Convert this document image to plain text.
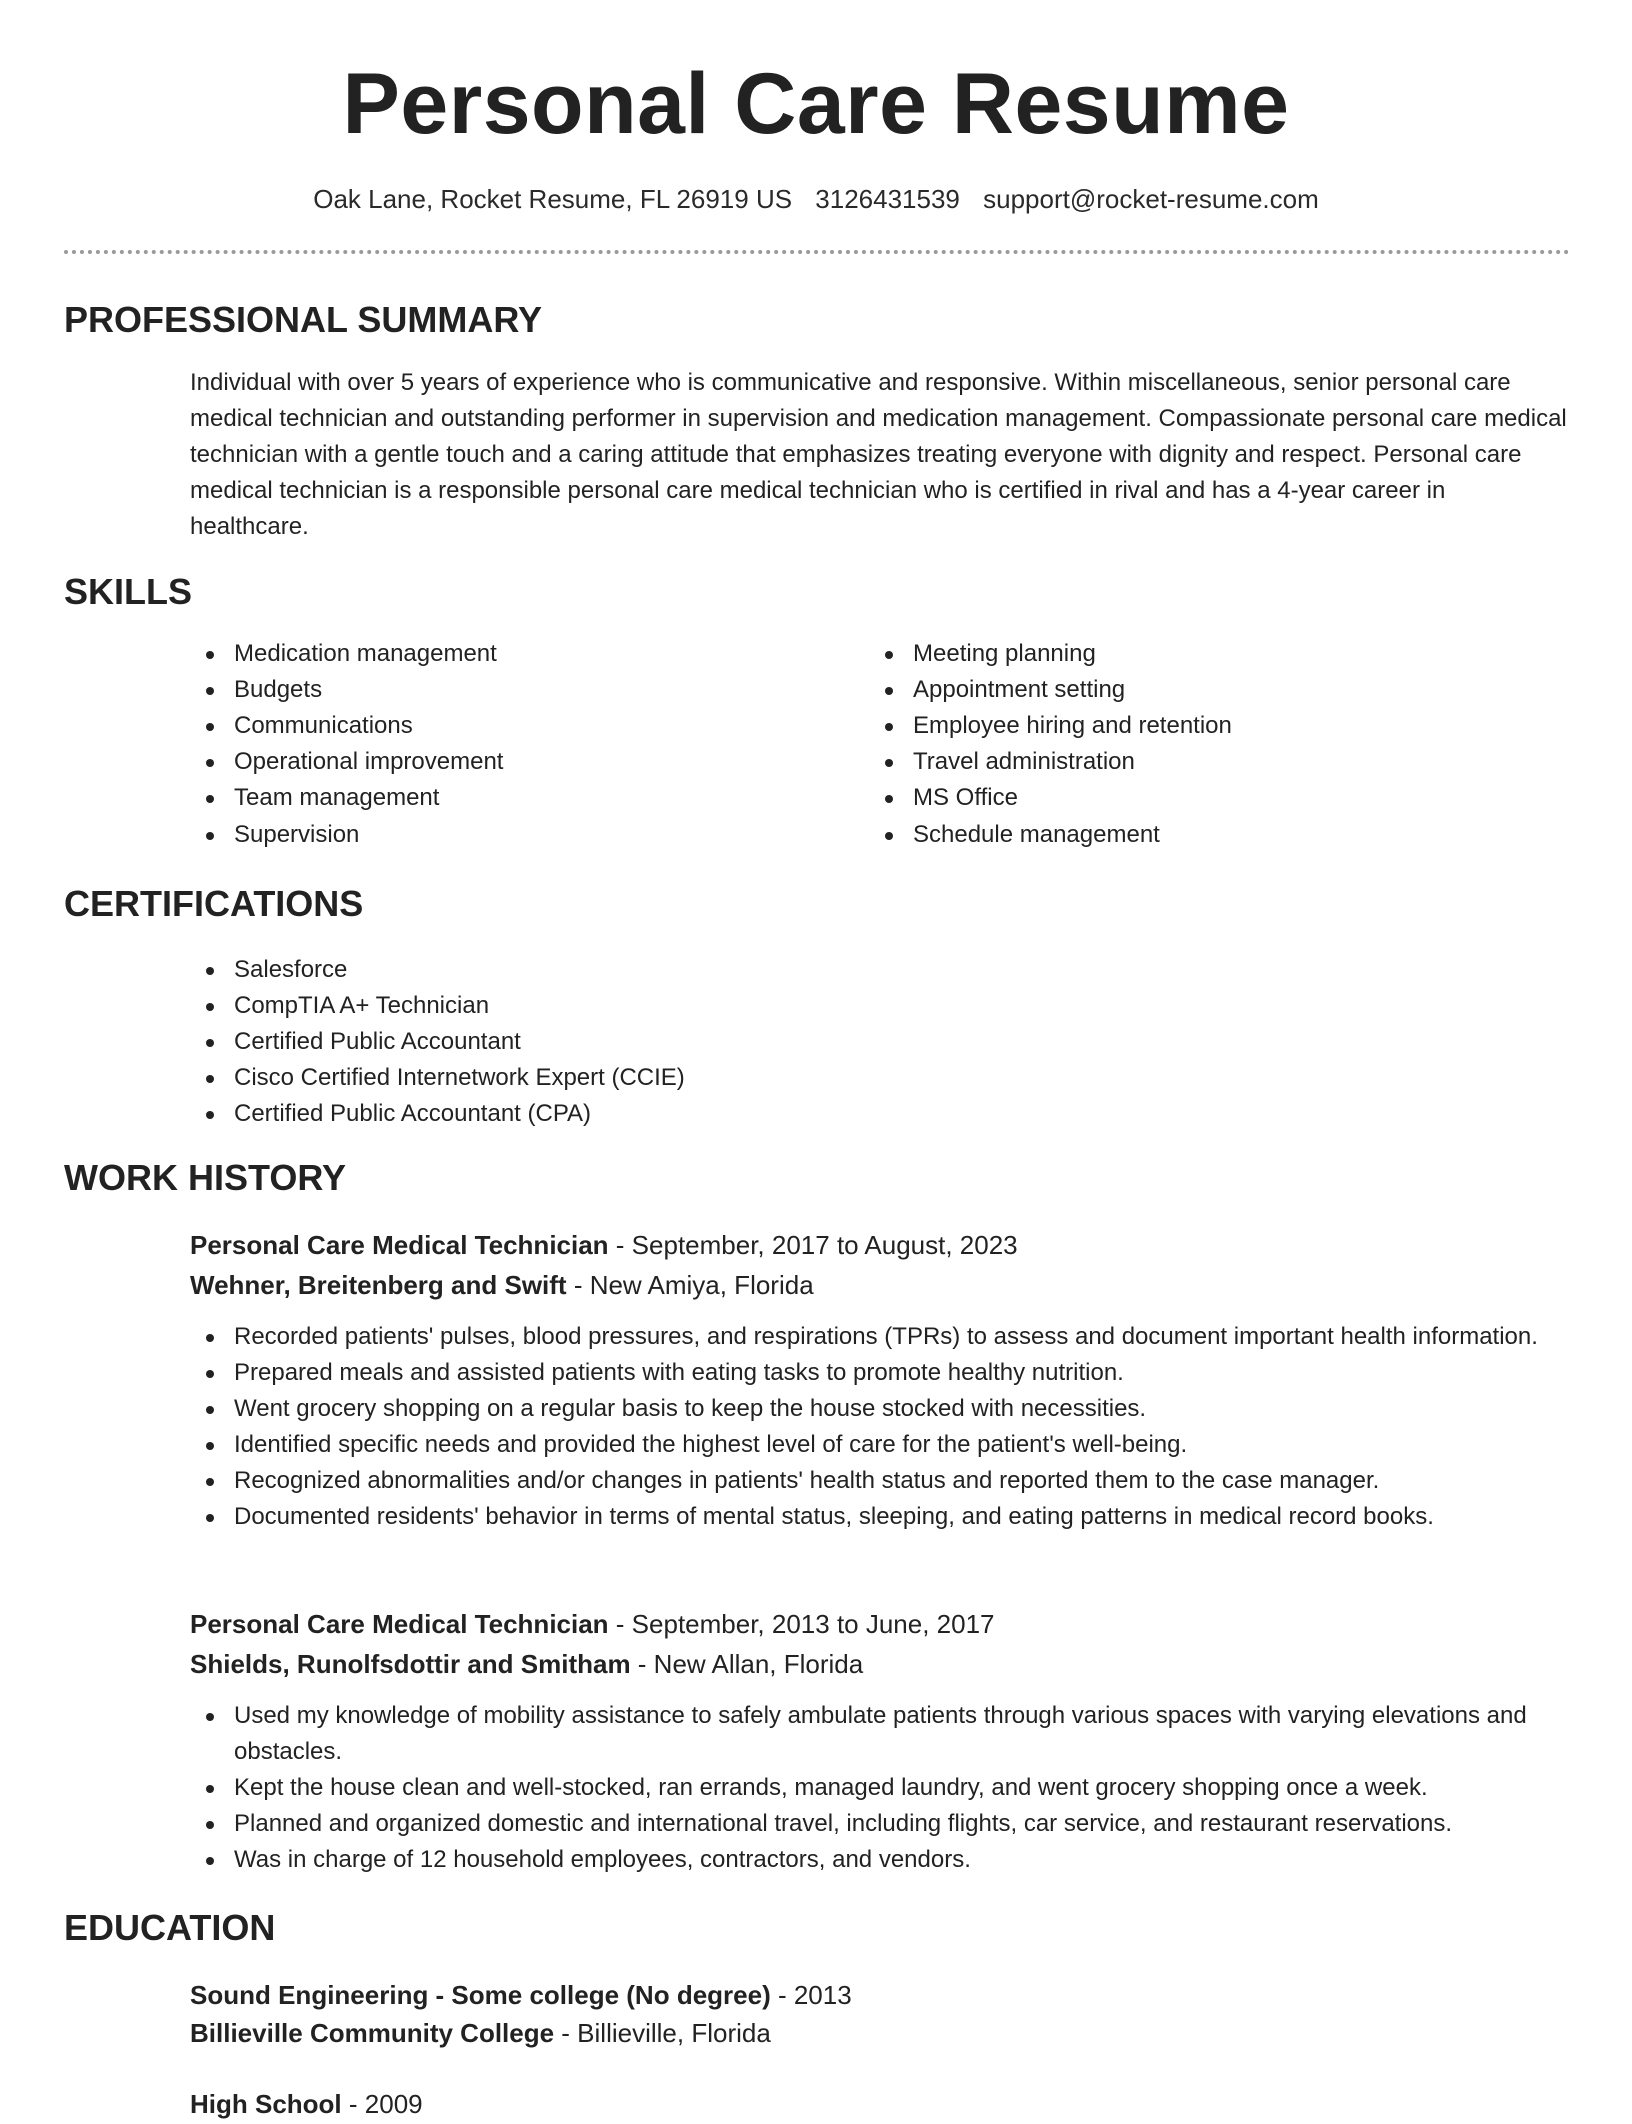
Personal Care Resume
Oak Lane, Rocket Resume, FL 26919 US 3126431539 support@rocket-resume.com
PROFESSIONAL SUMMARY

Individual with over 5 years of experience who is communicative and responsive. Within miscellaneous, senior personal care medical technician and outstanding performer in supervision and medication management. Compassionate personal care medical technician with a gentle touch and a caring attitude that emphasizes treating everyone with dignity and respect. Personal care medical technician is a responsible personal care medical technician who is certified in rival and has a 4-year career in healthcare.

SKILLS
Medication management
Budgets
Communications
Operational improvement
Team management
Supervision
Meeting planning
Appointment setting
Employee hiring and retention
Travel administration
MS Office
Schedule management
CERTIFICATIONS
Salesforce
CompTIA A+ Technician
Certified Public Accountant
Cisco Certified Internetwork Expert (CCIE)
Certified Public Accountant (CPA)
WORK HISTORY
Personal Care Medical Technician - September, 2017 to August, 2023
Wehner, Breitenberg and Swift - New Amiya, Florida
Recorded patients' pulses, blood pressures, and respirations (TPRs) to assess and document important health information.
Prepared meals and assisted patients with eating tasks to promote healthy nutrition.
Went grocery shopping on a regular basis to keep the house stocked with necessities.
Identified specific needs and provided the highest level of care for the patient's well-being.
Recognized abnormalities and/or changes in patients' health status and reported them to the case manager.
Documented residents' behavior in terms of mental status, sleeping, and eating patterns in medical record books.
Personal Care Medical Technician - September, 2013 to June, 2017
Shields, Runolfsdottir and Smitham - New Allan, Florida
Used my knowledge of mobility assistance to safely ambulate patients through various spaces with varying elevations and obstacles.
Kept the house clean and well-stocked, ran errands, managed laundry, and went grocery shopping once a week.
Planned and organized domestic and international travel, including flights, car service, and restaurant reservations.
Was in charge of 12 household employees, contractors, and vendors.
EDUCATION
Sound Engineering - Some college (No degree) - 2013
Billieville Community College - Billieville, Florida
High School - 2009
